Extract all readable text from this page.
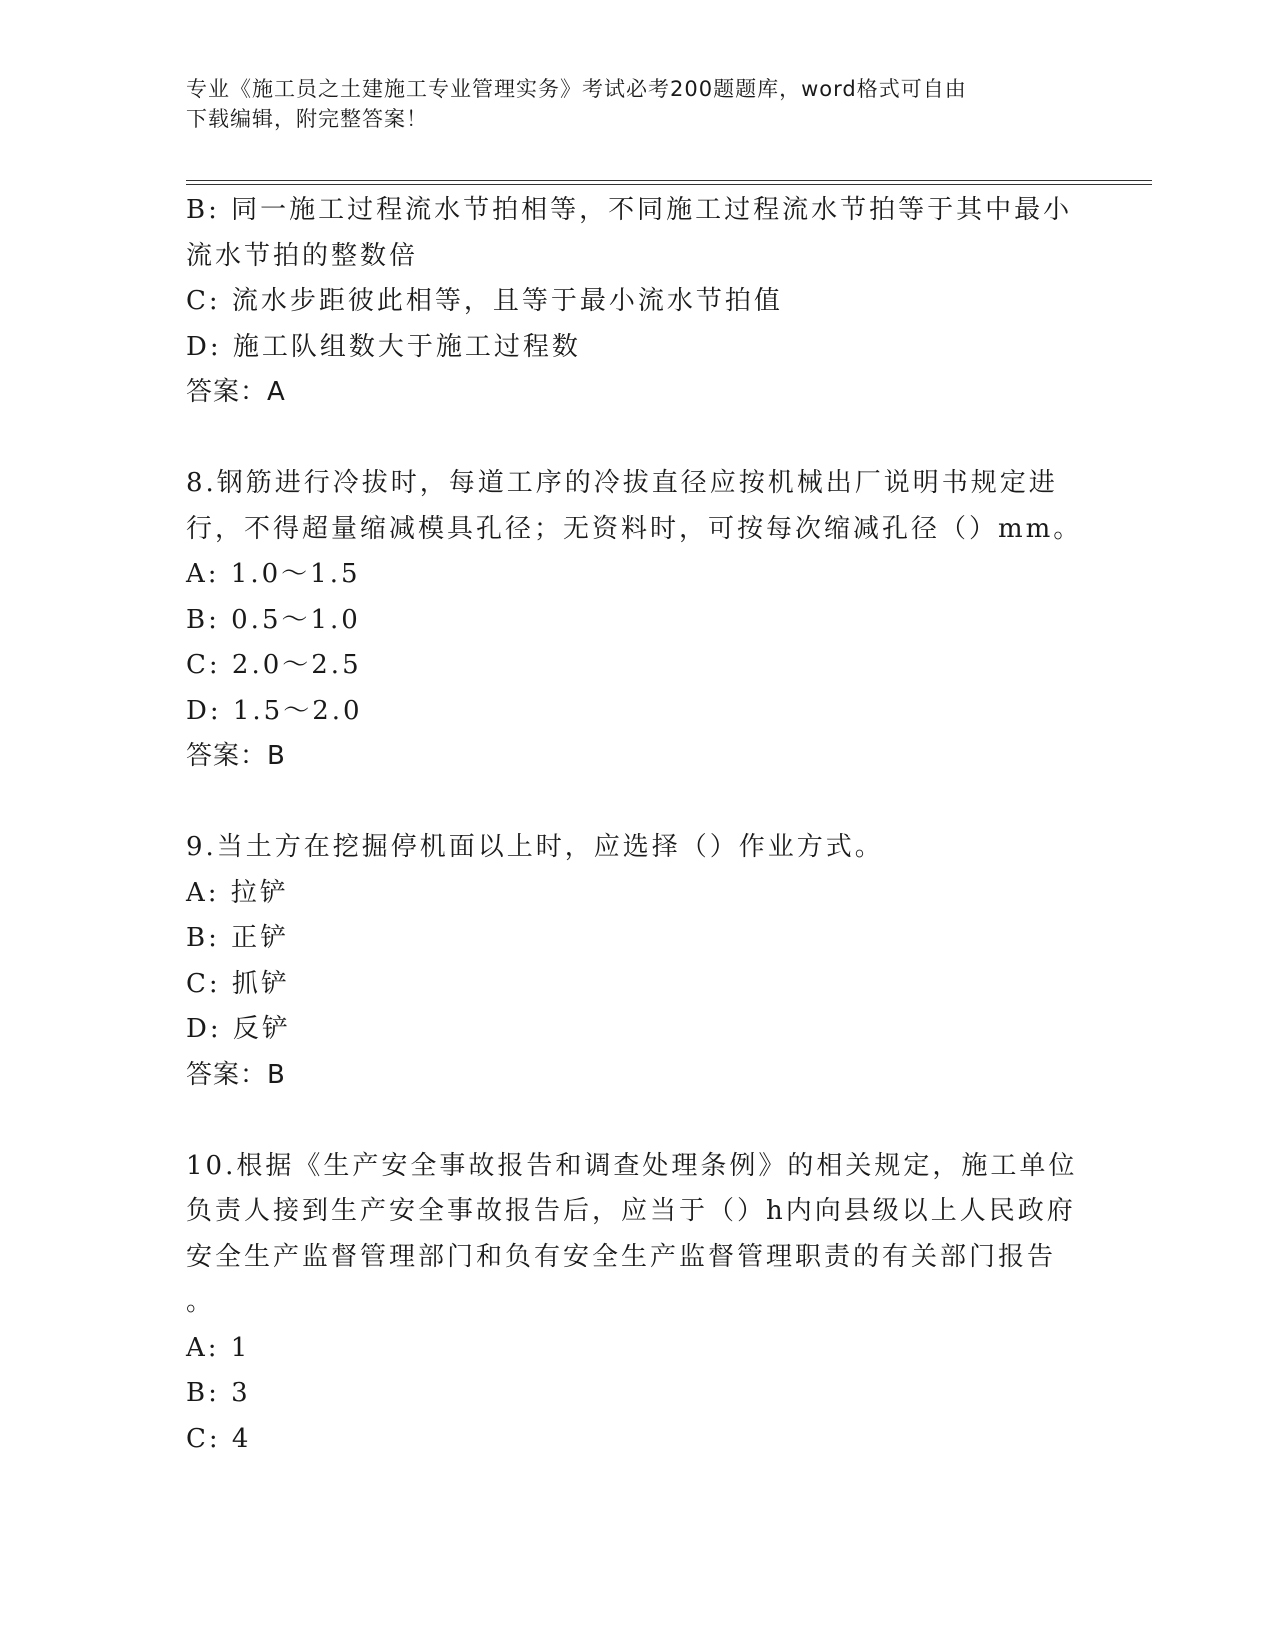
专业《施工员之土建施工专业管理实务》考试必考200题题库，word格式可自由
下载编辑，附完整答案！
B: 同一施工过程流水节拍相等，不同施工过程流水节拍等于其中最小
流水节拍的整数倍
C: 流水步距彼此相等，且等于最小流水节拍值
D: 施工队组数大于施工过程数
答案：A
8.钢筋进行冷拔时，每道工序的冷拔直径应按机械出厂说明书规定进
行，不得超量缩减模具孔径；无资料时，可按每次缩减孔径（）mm。
A: 1.0～1.5
B: 0.5～1.0
C: 2.0～2.5
D: 1.5～2.0
答案：B
9.当土方在挖掘停机面以上时，应选择（）作业方式。
A: 拉铲
B: 正铲
C: 抓铲
D: 反铲
答案：B
10.根据《生产安全事故报告和调查处理条例》的相关规定，施工单位
负责人接到生产安全事故报告后，应当于（）h内向县级以上人民政府
安全生产监督管理部门和负有安全生产监督管理职责的有关部门报告
。
A: 1
B: 3
C: 4
